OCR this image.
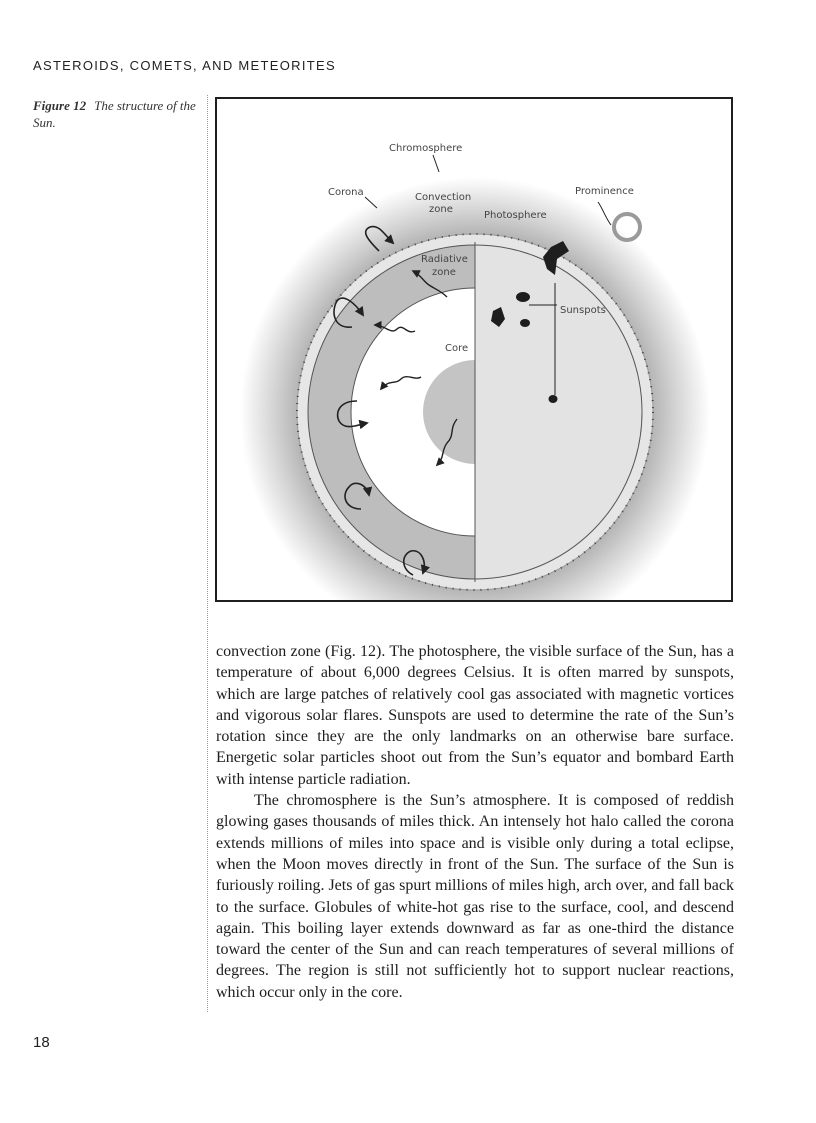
ASTEROIDS, COMETS, AND METEORITES
Figure 12 The structure of the Sun.
Chromosphere
Corona	Convection
zone
Photosphere
Prominence
Radiative
zone
Sunspots
Core

convection zone (Fig. 12). The photosphere, the visible surface of the Sun, has a temperature of about 6,000 degrees Celsius. It is often marred by sunspots, which are large patches of relatively cool gas associated with magnetic vortices and vigorous solar flares. Sunspots are used to determine the rate of the Sun’s rotation since they are the only landmarks on an otherwise bare surface. Energetic solar particles shoot out from the Sun’s equator and bombard Earth with intense particle radiation.

The chromosphere is the Sun’s atmosphere. It is composed of reddish glowing gases thousands of miles thick. An intensely hot halo called the corona extends millions of miles into space and is visible only during a total eclipse, when the Moon moves directly in front of the Sun. The surface of the Sun is furiously roiling. Jets of gas spurt millions of miles high, arch over, and fall back to the surface. Globules of white-hot gas rise to the surface, cool, and descend again. This boiling layer extends downward as far as one-third the distance toward the center of the Sun and can reach temperatures of several millions of degrees. The region is still not sufficiently hot to support nuclear reactions, which occur only in the core.

18
